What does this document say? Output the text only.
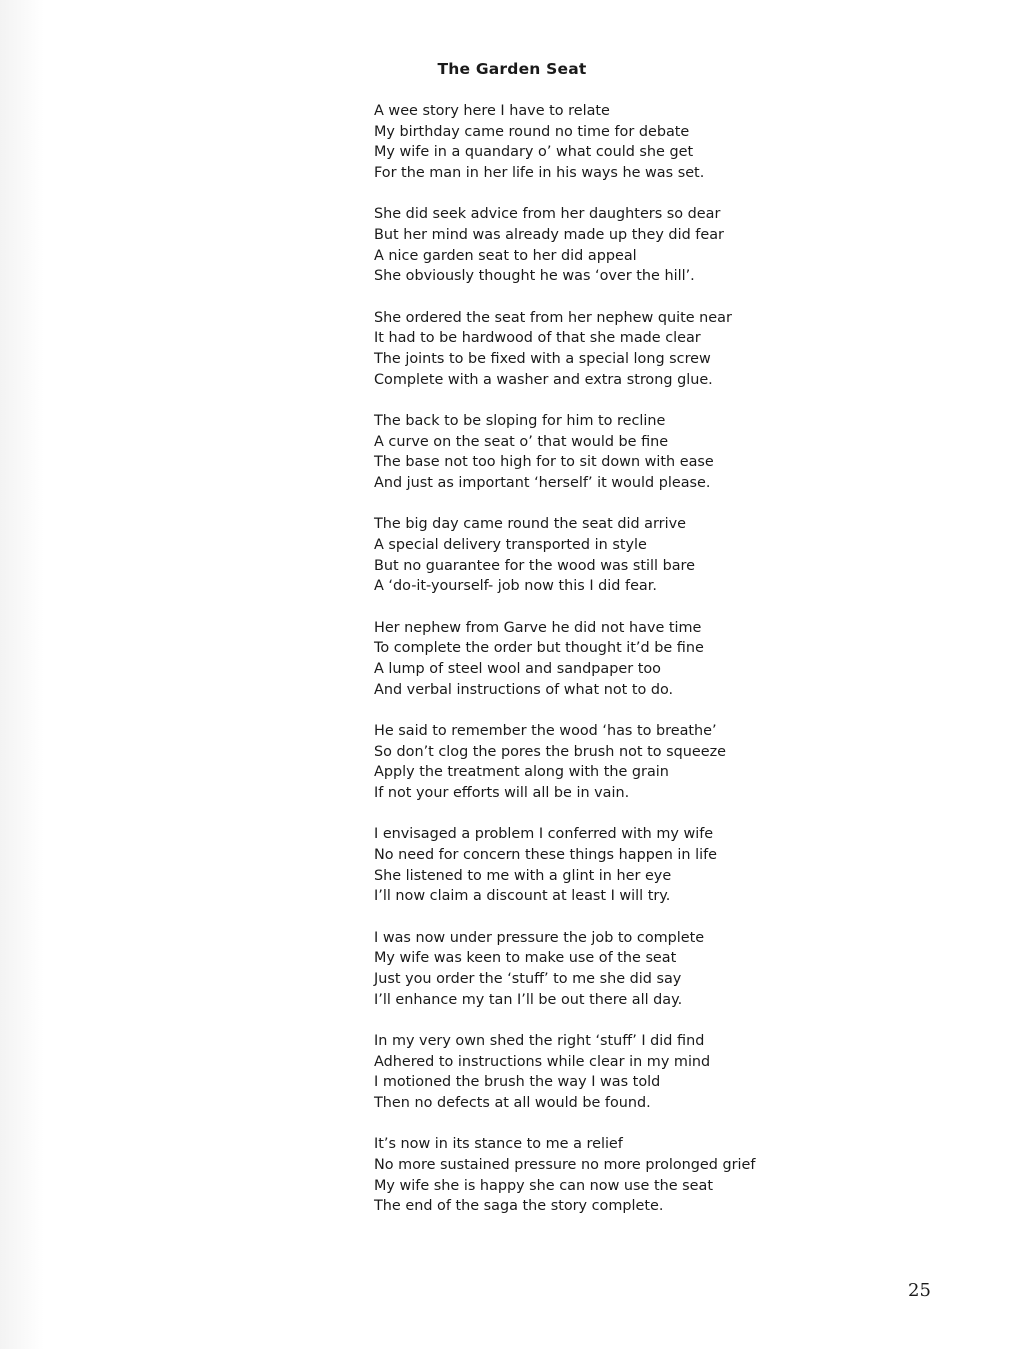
The Garden Seat
A wee story here I have to relate
My birthday came round no time for debate
My wife in a quandary o’ what could she get
For the man in her life in his ways he was set.
She did seek advice from her daughters so dear
But her mind was already made up they did fear
A nice garden seat to her did appeal
She obviously thought he was ‘over the hill’.
She ordered the seat from her nephew quite near
It had to be hardwood of that she made clear
The joints to be fixed with a special long screw
Complete with a washer and extra strong glue.
The back to be sloping for him to recline
A curve on the seat o’ that would be fine
The base not too high for to sit down with ease
And just as important ‘herself’ it would please.
The big day came round the seat did arrive
A special delivery transported in style
But no guarantee for the wood was still bare
A ‘do-it-yourself- job now this I did fear.
Her nephew from Garve he did not have time
To complete the order but thought it’d be fine
A lump of steel wool and sandpaper too
And verbal instructions of what not to do.
He said to remember the wood ‘has to breathe’
So don’t clog the pores the brush not to squeeze
Apply the treatment along with the grain
If not your efforts will all be in vain.
I envisaged a problem I conferred with my wife
No need for concern these things happen in life
She listened to me with a glint in her eye
I’ll now claim a discount at least I will try.
I was now under pressure the job to complete
My wife was keen to make use of the seat
Just you order the ‘stuff’ to me she did say
I’ll enhance my tan I’ll be out there all day.
In my very own shed the right ‘stuff’ I did find
Adhered to instructions while clear in my mind
I motioned the brush the way I was told
Then no defects at all would be found.
It’s now in its stance to me a relief
No more sustained pressure no more prolonged grief
My wife she is happy she can now use the seat
The end of the saga the story complete.
25
